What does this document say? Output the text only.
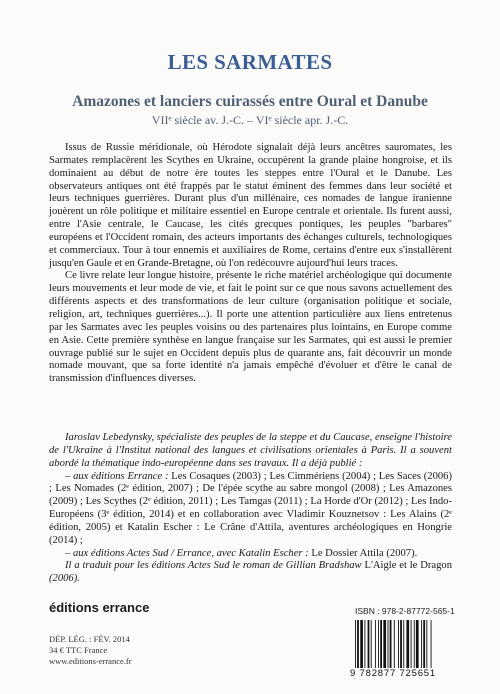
LES SARMATES
Amazones et lanciers cuirassés entre Oural et Danube
VIIᵉ siècle av. J.-C. – VIᵉ siècle apr. J.-C.

Issus de Russie méridionale, où Hérodote signalait déjà leurs ancêtres sauromates, les Sarmates remplacèrent les Scythes en Ukraine, occupèrent la grande plaine hongroise, et ils dominaient au début de notre ère toutes les steppes entre l'Oural et le Danube. Les observateurs antiques ont été frappés par le statut éminent des femmes dans leur société et leurs techniques guerrières. Durant plus d'un millénaire, ces nomades de langue iranienne jouèrent un rôle politique et militaire essentiel en Europe centrale et orientale. Ils furent aussi, entre l'Asie centrale, le Caucase, les cités grecques pontiques, les peuples "barbares" européens et l'Occident romain, des acteurs importants des échanges culturels, technologiques et commerciaux. Tour à tour ennemis et auxiliaires de Rome, certains d'entre eux s'installèrent jusqu'en Gaule et en Grande-Bretagne, où l'on redécouvre aujourd'hui leurs traces.

Ce livre relate leur longue histoire, présente le riche matériel archéologique qui documente leurs mouvements et leur mode de vie, et fait le point sur ce que nous savons actuellement des différents aspects et des transformations de leur culture (organisation politique et sociale, religion, art, techniques guerrières...). Il porte une attention particulière aux liens entretenus par les Sarmates avec les peuples voisins ou des partenaires plus lointains, en Europe comme en Asie. Cette première synthèse en langue française sur les Sarmates, qui est aussi le premier ouvrage publié sur le sujet en Occident depuis plus de quarante ans, fait découvrir un monde nomade mouvant, que sa forte identité n'a jamais empêché d'évoluer et d'être le canal de transmission d'influences diverses.

Iaroslav Lebedynsky, spécialiste des peuples de la steppe et du Caucase, enseigne l'histoire de l'Ukraine à l'Institut national des langues et civilisations orientales à Paris. Il a souvent abordé la thématique indo-européenne dans ses travaux. Il a déjà publié :

– aux éditions Errance : Les Cosaques (2003) ; Les Cimmériens (2004) ; Les Saces (2006) ; Les Nomades (2ᵉ édition, 2007) ; De l'épée scythe au sabre mongol (2008) ; Les Amazones (2009) ; Les Scythes (2ᵉ édition, 2011) ; Les Tamgas (2011) ; La Horde d'Or (2012) ; Les Indo-Européens (3ᵉ édition, 2014) et en collaboration avec Vladimir Kouznetsov : Les Alains (2ᵉ édition, 2005) et Katalin Escher : Le Crâne d'Attila, aventures archéologiques en Hongrie (2014) ;

– aux éditions Actes Sud / Errance, avec Katalin Escher : Le Dossier Attila (2007).

Il a traduit pour les éditions Actes Sud le roman de Gillian Bradshaw L'Aigle et le Dragon (2006).

éditions errance
DÉP. LÉG. : FÉV. 2014
34 € TTC France
www.editions-errance.fr
ISBN : 978-2-87772-565-1
9 782877 725651
